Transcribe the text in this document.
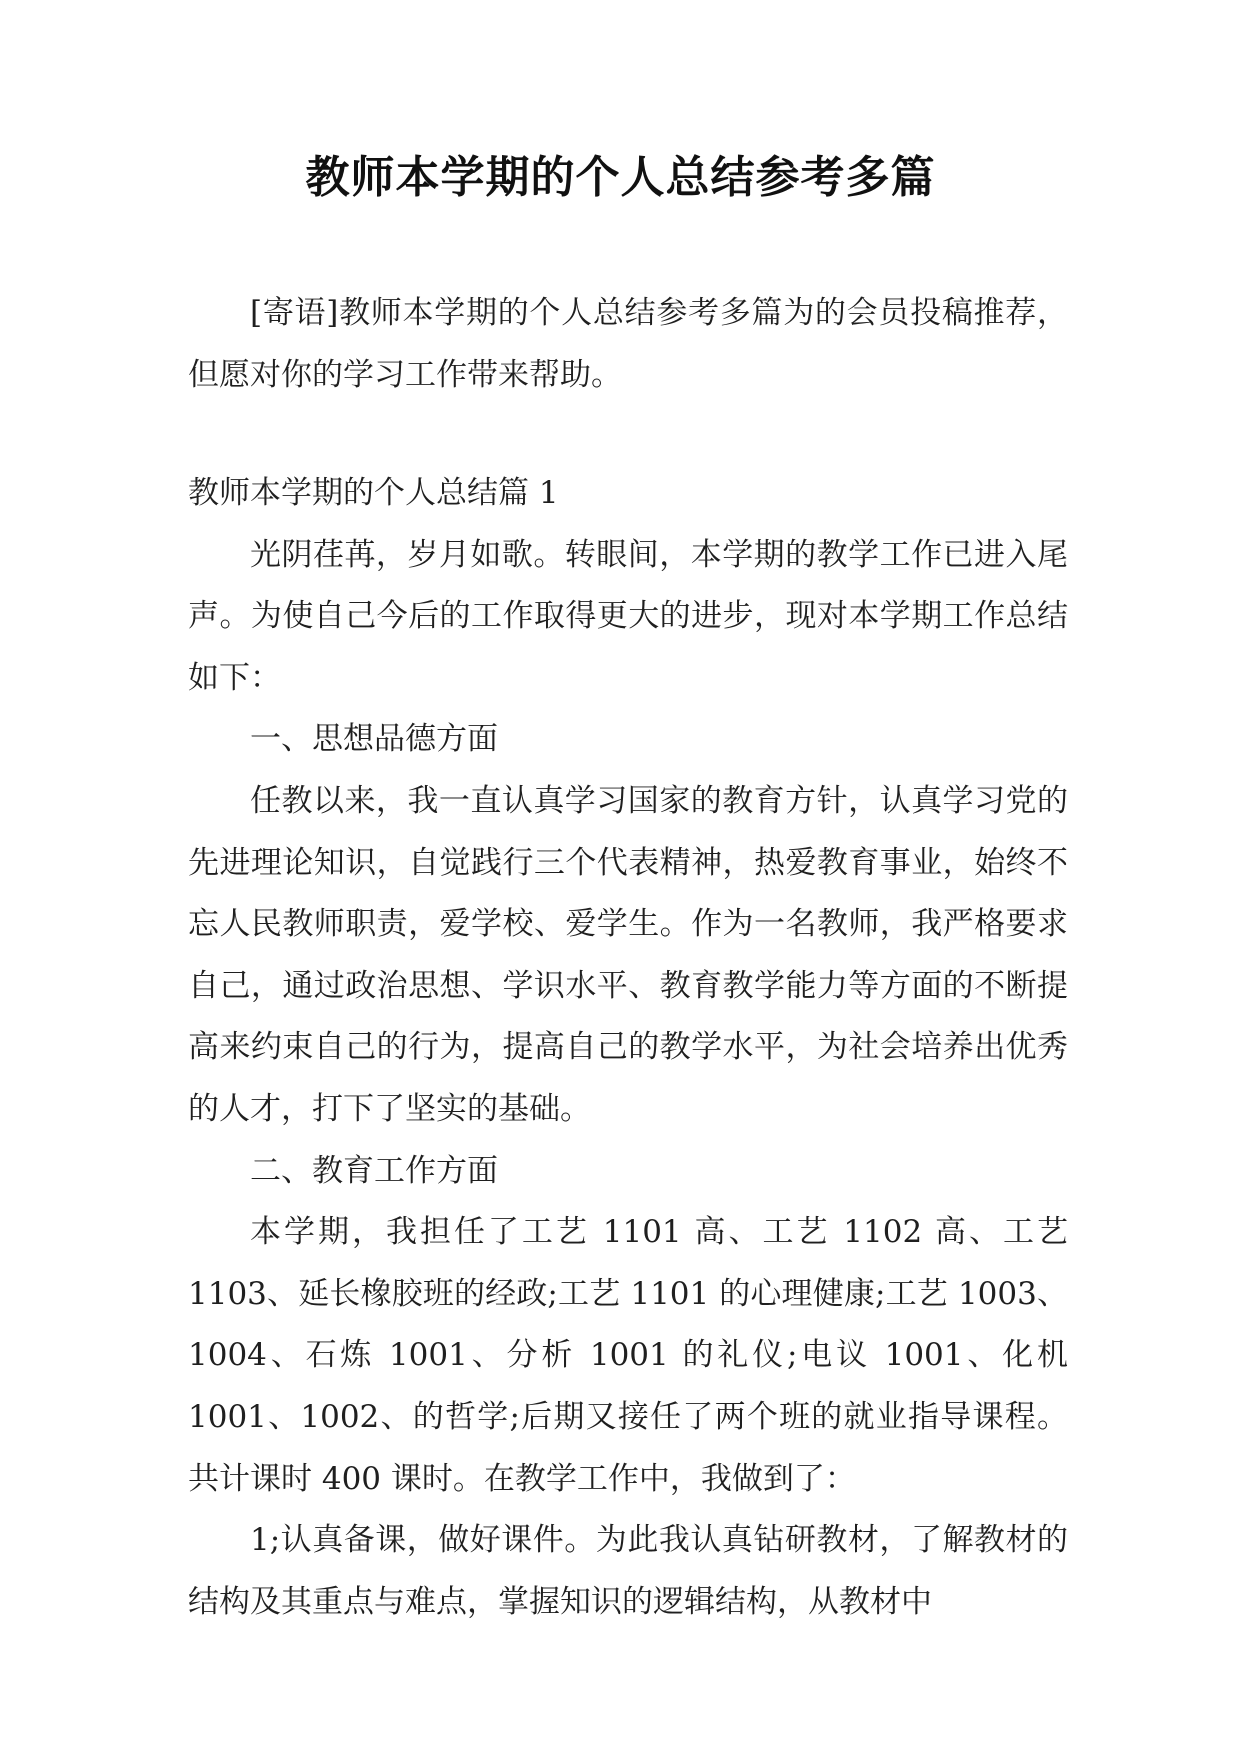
教师本学期的个人总结参考多篇

[寄语]教师本学期的个人总结参考多篇为的会员投稿推荐，但愿对你的学习工作带来帮助。

教师本学期的个人总结篇 1

光阴荏苒，岁月如歌。转眼间，本学期的教学工作已进入尾声。为使自己今后的工作取得更大的进步，现对本学期工作总结如下：

一、思想品德方面

任教以来，我一直认真学习国家的教育方针，认真学习党的先进理论知识，自觉践行三个代表精神，热爱教育事业，始终不忘人民教师职责，爱学校、爱学生。作为一名教师，我严格要求自己，通过政治思想、学识水平、教育教学能力等方面的不断提高来约束自己的行为，提高自己的教学水平，为社会培养出优秀的人才，打下了坚实的基础。

二、教育工作方面

本学期，我担任了工艺 1101 高、工艺 1102 高、工艺 1103、延长橡胶班的经政;工艺 1101 的心理健康;工艺 1003、1004、石炼 1001、分析 1001 的礼仪;电议 1001、化机 1001、1002、的哲学;后期又接任了两个班的就业指导课程。共计课时 400 课时。在教学工作中，我做到了：

1;认真备课，做好课件。为此我认真钻研教材，了解教材的结构及其重点与难点，掌握知识的逻辑结构，从教材中
